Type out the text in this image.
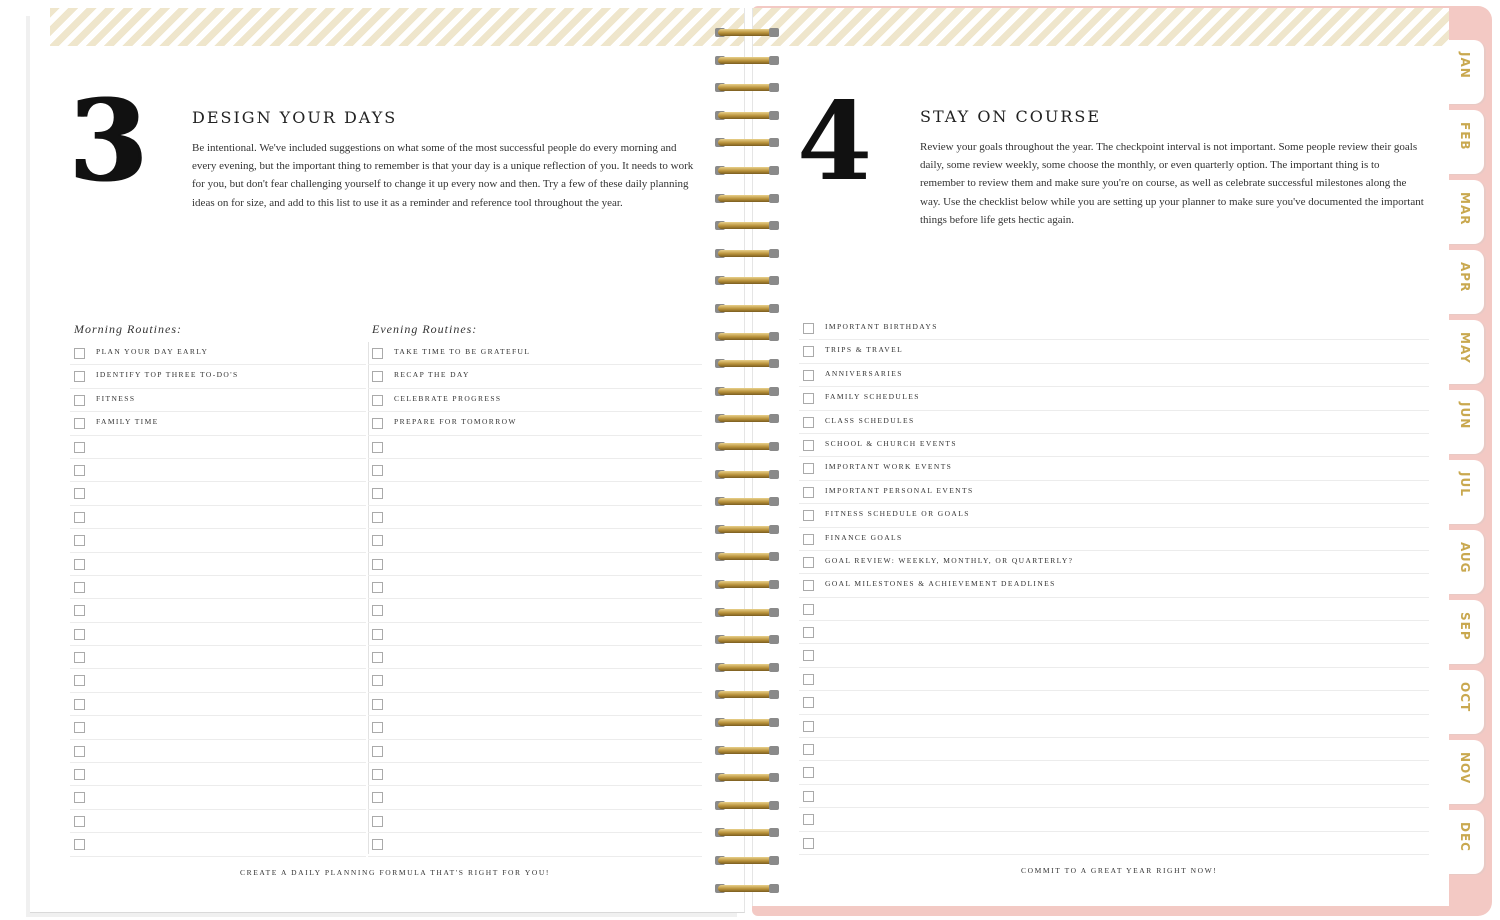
3	DESIGN YOUR DAYS
Be intentional. We've included suggestions on what some of the most successful people do every morning and every evening, but the important thing to remember is that your day is a unique reflection of you. It needs to work for you, but don't fear challenging yourself to change it up every now and then. Try a few of these daily planning ideas on for size, and add to this list to use it as a reminder and reference tool throughout the year.
Morning Routines:	Evening Routines:
PLAN YOUR DAY EARLY
IDENTIFY TOP THREE TO-DO'S
FITNESS
FAMILY TIME
TAKE TIME TO BE GRATEFUL
RECAP THE DAY
CELEBRATE PROGRESS
PREPARE FOR TOMORROW
CREATE A DAILY PLANNING FORMULA THAT'S RIGHT FOR YOU!
4	STAY ON COURSE
Review your goals throughout the year. The checkpoint interval is not important. Some people review their goals daily, some review weekly, some choose the monthly, or even quarterly option. The important thing is to remember to review them and make sure you're on course, as well as celebrate successful milestones along the way. Use the checklist below while you are setting up your planner to make sure you've documented the important things before life gets hectic again.
IMPORTANT BIRTHDAYS
TRIPS & TRAVEL
ANNIVERSARIES
FAMILY SCHEDULES
CLASS SCHEDULES
SCHOOL & CHURCH EVENTS
IMPORTANT WORK EVENTS
IMPORTANT PERSONAL EVENTS
FITNESS SCHEDULE OR GOALS
FINANCE GOALS
GOAL REVIEW: WEEKLY, MONTHLY, OR QUARTERLY?
GOAL MILESTONES & ACHIEVEMENT DEADLINES
COMMIT TO A GREAT YEAR RIGHT NOW!
JAN
FEB
MAR
APR
MAY
JUN
JUL
AUG
SEP
OCT
NOV
DEC
